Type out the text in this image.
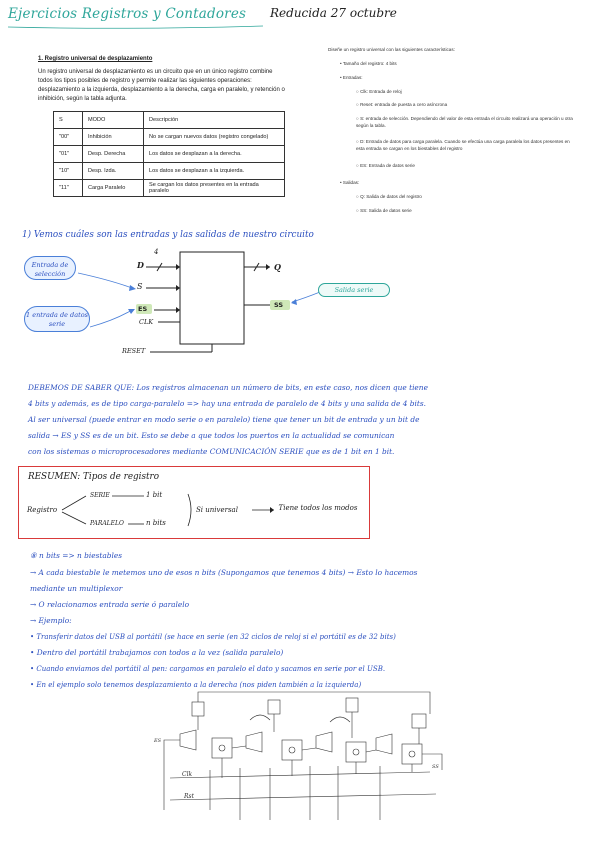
Ejercicios Registros y Contadores Reducida 27 octubre
1. Registro universal de desplazamiento
Un registro universal de desplazamiento es un circuito que en un único registro combine todos los tipos posibles de registro y permite realizar las siguientes operaciones: desplazamiento a la izquierda, desplazamiento a la derecha, carga en paralelo, y retención o inhibición, según la tabla adjunta.
S	MODO	Descripción
"00"	Inhibición	No se cargan nuevos datos (registro congelado)
"01"	Desp. Derecha	Los datos se desplazan a la derecha.
"10"	Desp. Izda.	Los datos se desplazan a la izquierda.
"11"	Carga Paralelo	Se cargan los datos presentes en la entrada paralelo
Diseñe un registro universal con las siguientes características:
• Tamaño del registro: 4 bits
• Entradas:
○ Clk: Entrada de reloj
○ Reset: entrada de puesta a cero asíncrona
○ S: entrada de selección. Dependiendo del valor de esta entrada el circuito realizará una operación u otra según la tabla.
○ D: Entrada de datos para carga paralela. Cuando se efectúa una carga paralela los datos presentes en esta entrada se cargan en los biestables del registro
○ ES: Entrada de datos serie
• Salidas:
○ Q: Salida de datos del registro
○ SS: Salida de datos serie
1) Vemos cuáles son las entradas y las salidas de nuestro circuito
D
4
S
ES
CLK
RESET
Q
SS
Entrada de selección
1 entrada de datos serie
Salida serie
DEBEMOS DE SABER QUE: Los registros almacenan un número de bits, en este caso, nos dicen que tiene
4 bits y además, es de tipo carga-paralelo => hay una entrada de paralelo de 4 bits y una salida de 4 bits.
Al ser universal (puede entrar en modo serie o en paralelo) tiene que tener un bit de entrada y un bit de
salida → ES y SS es de un bit. Esto se debe a que todos los puertos en la actualidad se comunican
con los sistemas o microprocesadores mediante COMUNICACIÓN SERIE que es de 1 bit en 1 bit.
RESUMEN: Tipos de registro
Registro
SERIE	1 bit
PARALELO	n bits
Si universal	Tiene todos los modos
⑧ n bits => n biestables
→ A cada biestable le metemos uno de esos n bits (Supongamos que tenemos 4 bits) → Esto lo hacemos
mediante un multiplexor
→ O relacionamos entrada serie ó paralelo
→ Ejemplo:
• Transferir datos del USB al portátil (se hace en serie (en 32 ciclos de reloj si el portátil es de 32 bits)
• Dentro del portátil trabajamos con todos a la vez (salida paralelo)
• Cuando enviamos del portátil al pen: cargamos en paralelo el dato y sacamos en serie por el USB.
• En el ejemplo solo tenemos desplazamiento a la derecha (nos piden también a la izquierda)
Clk
Rst
ES
SS
